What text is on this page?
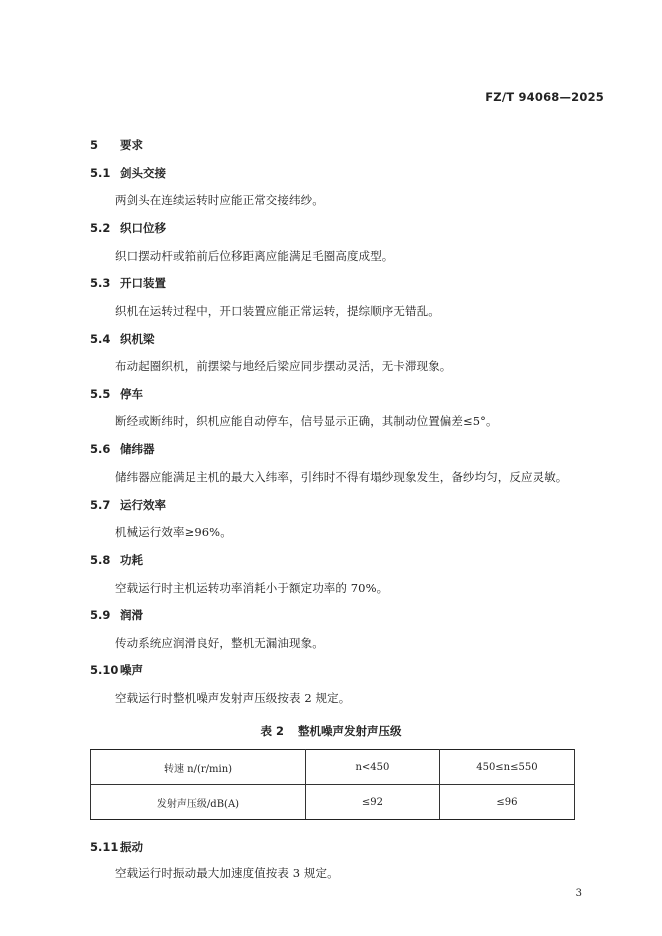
FZ/T 94068—2025
5 要求
5.1 剑头交接
两剑头在连续运转时应能正常交接纬纱。
5.2 织口位移
织口摆动杆或筘前后位移距离应能满足毛圈高度成型。
5.3 开口装置
织机在运转过程中，开口装置应能正常运转，提综顺序无错乱。
5.4 织机梁
布动起圈织机，前摆梁与地经后梁应同步摆动灵活，无卡滞现象。
5.5 停车
断经或断纬时，织机应能自动停车，信号显示正确，其制动位置偏差≤5°。
5.6 储纬器
储纬器应能满足主机的最大入纬率，引纬时不得有塌纱现象发生，备纱均匀，反应灵敏。
5.7 运行效率
机械运行效率≥96%。
5.8 功耗
空载运行时主机运转功率消耗小于额定功率的 70%。
5.9 润滑
传动系统应润滑良好，整机无漏油现象。
5.10 噪声
空载运行时整机噪声发射声压级按表 2 规定。
表 2 整机噪声发射声压级
转速 n/(r/min)	n<450	450≤n≤550
发射声压级/dB(A)	≤92	≤96
5.11 振动
空载运行时振动最大加速度值按表 3 规定。
3
